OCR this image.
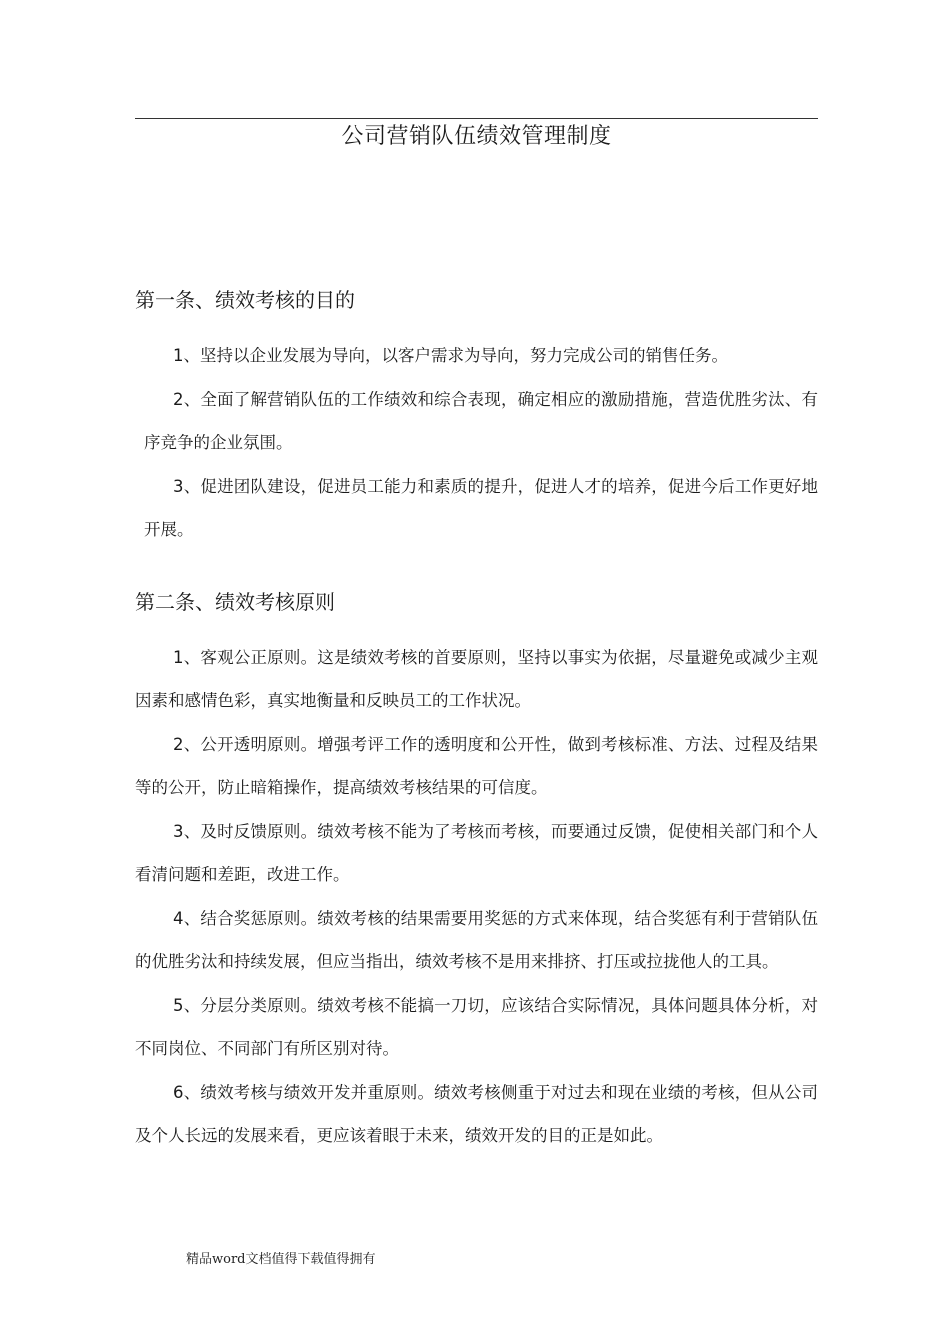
公司营销队伍绩效管理制度
第一条、绩效考核的目的

1、坚持以企业发展为导向，以客户需求为导向，努力完成公司的销售任务。

2、全面了解营销队伍的工作绩效和综合表现，确定相应的激励措施，营造优胜劣汰、有序竞争的企业氛围。

3、促进团队建设，促进员工能力和素质的提升，促进人才的培养，促进今后工作更好地开展。

第二条、绩效考核原则

1、客观公正原则。这是绩效考核的首要原则，坚持以事实为依据，尽量避免或减少主观因素和感情色彩，真实地衡量和反映员工的工作状况。

2、公开透明原则。增强考评工作的透明度和公开性，做到考核标准、方法、过程及结果等的公开，防止暗箱操作，提高绩效考核结果的可信度。

3、及时反馈原则。绩效考核不能为了考核而考核，而要通过反馈，促使相关部门和个人看清问题和差距，改进工作。

4、结合奖惩原则。绩效考核的结果需要用奖惩的方式来体现，结合奖惩有利于营销队伍的优胜劣汰和持续发展，但应当指出，绩效考核不是用来排挤、打压或拉拢他人的工具。

5、分层分类原则。绩效考核不能搞一刀切，应该结合实际情况，具体问题具体分析，对不同岗位、不同部门有所区别对待。

6、绩效考核与绩效开发并重原则。绩效考核侧重于对过去和现在业绩的考核，但从公司及个人长远的发展来看，更应该着眼于未来，绩效开发的目的正是如此。

精品word文档值得下载值得拥有
